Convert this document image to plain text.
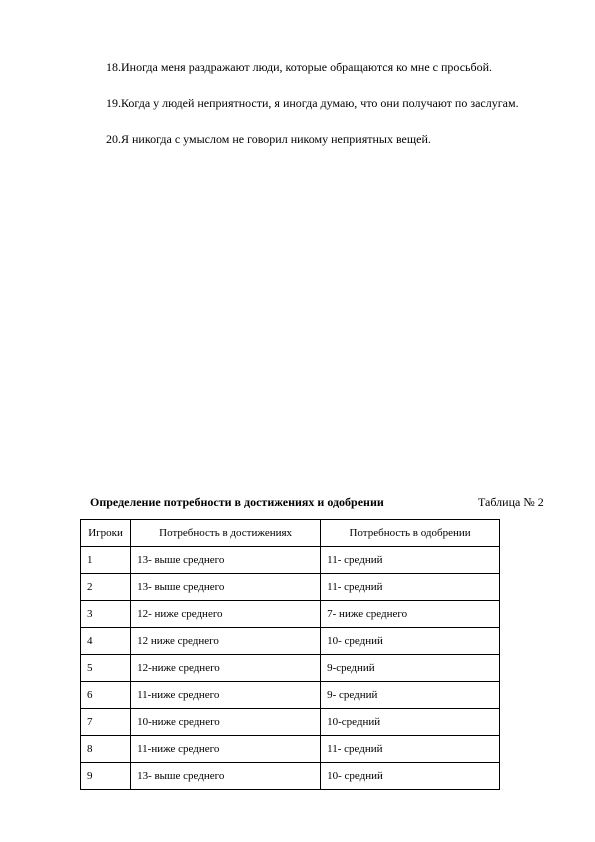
18.Иногда меня раздражают люди, которые обращаются ко мне с просьбой.

19.Когда у людей неприятности, я иногда думаю, что они получают по заслугам.

20.Я никогда с умыслом не говорил никому неприятных вещей.

Определение потребности в достижениях и одобрении	Таблица № 2

Игроки	Потребность в достижениях	Потребность в одобрении
1	13- выше среднего	11- средний
2	13- выше среднего	11- средний
3	12- ниже среднего	7- ниже среднего
4	12 ниже среднего	10- средний
5	12-ниже среднего	9-средний
6	11-ниже среднего	9- средний
7	10-ниже среднего	10-средний
8	11-ниже среднего	11- средний
9	13- выше среднего	10- средний
